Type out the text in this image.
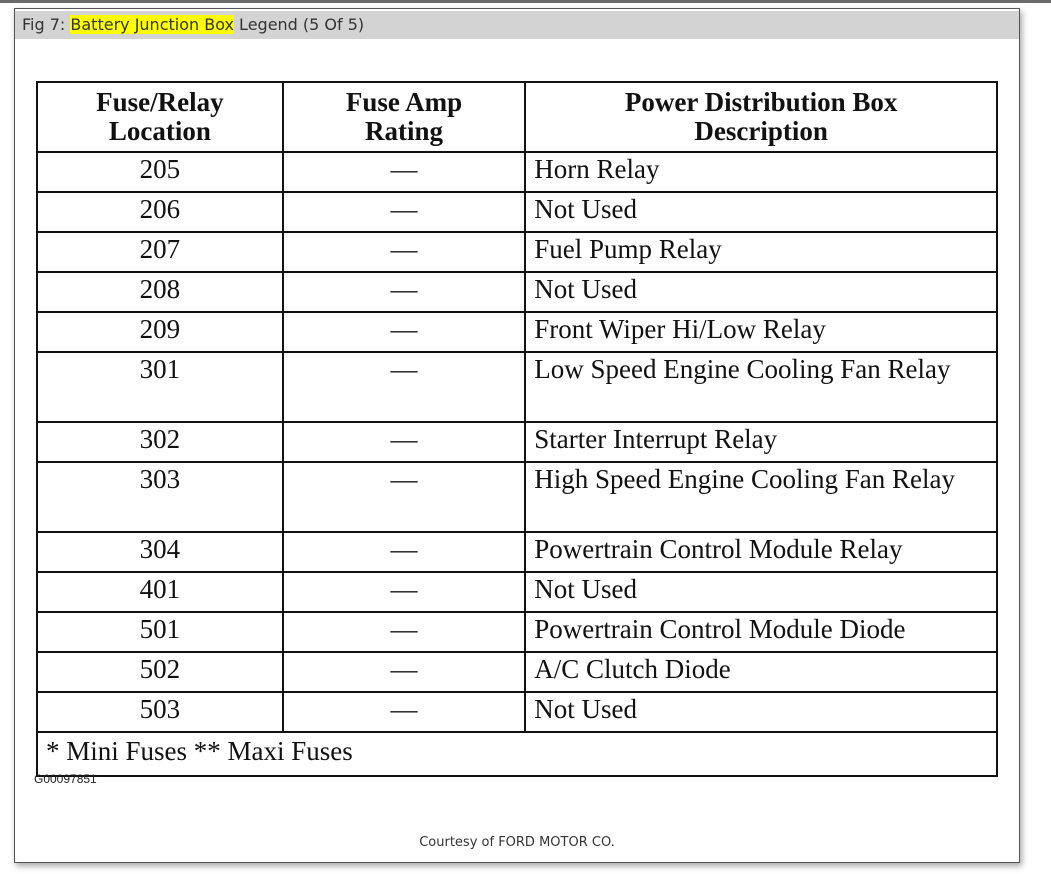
Fig 7: Battery Junction Box Legend (5 Of 5)
Fuse/Relay Location	Fuse Amp Rating	Power Distribution Box Description
205	—	Horn Relay
206	—	Not Used
207	—	Fuel Pump Relay
208	—	Not Used
209	—	Front Wiper Hi/Low Relay
301	—	Low Speed Engine Cooling Fan Relay
302	—	Starter Interrupt Relay
303	—	High Speed Engine Cooling Fan Relay
304	—	Powertrain Control Module Relay
401	—	Not Used
501	—	Powertrain Control Module Diode
502	—	A/C Clutch Diode
503	—	Not Used
* Mini Fuses ** Maxi Fuses		
G00097851
Courtesy of FORD MOTOR CO.
